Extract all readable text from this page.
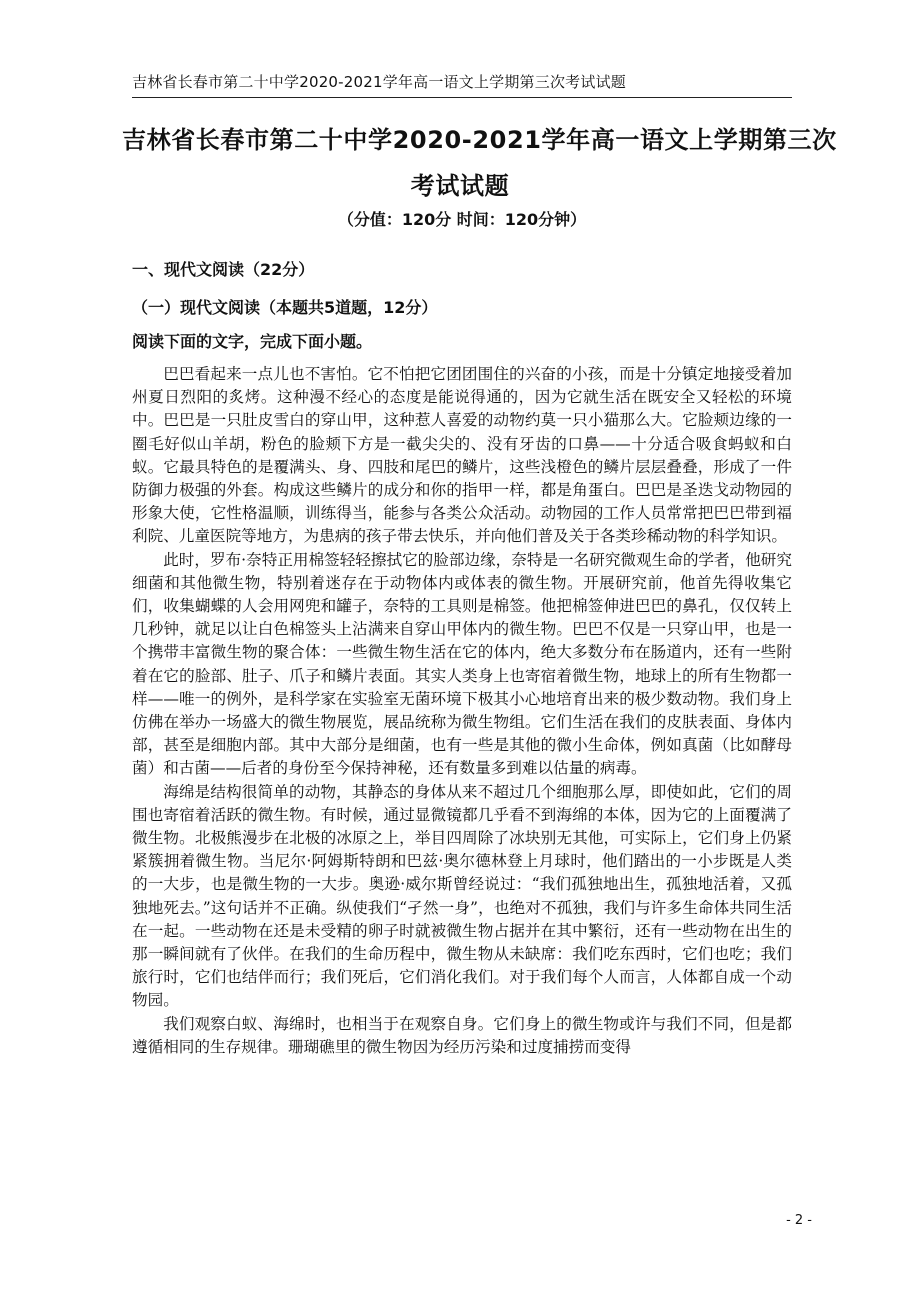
吉林省长春市第二十中学2020-2021学年高一语文上学期第三次考试试题
吉林省长春市第二十中学2020-2021学年高一语文上学期第三次
考试试题
（分值：120分 时间：120分钟）
一、现代文阅读（22分）
（一）现代文阅读（本题共5道题，12分）
阅读下面的文字，完成下面小题。

巴巴看起来一点儿也不害怕。它不怕把它团团围住的兴奋的小孩，而是十分镇定地接受着加州夏日烈阳的炙烤。这种漫不经心的态度是能说得通的，因为它就生活在既安全又轻松的环境中。巴巴是一只肚皮雪白的穿山甲，这种惹人喜爱的动物约莫一只小猫那么大。它脸颊边缘的一圈毛好似山羊胡，粉色的脸颊下方是一截尖尖的、没有牙齿的口鼻——十分适合吸食蚂蚁和白蚁。它最具特色的是覆满头、身、四肢和尾巴的鳞片，这些浅橙色的鳞片层层叠叠，形成了一件防御力极强的外套。构成这些鳞片的成分和你的指甲一样，都是角蛋白。巴巴是圣迭戈动物园的形象大使，它性格温顺，训练得当，能参与各类公众活动。动物园的工作人员常常把巴巴带到福利院、儿童医院等地方，为患病的孩子带去快乐，并向他们普及关于各类珍稀动物的科学知识。

此时，罗布·奈特正用棉签轻轻擦拭它的脸部边缘，奈特是一名研究微观生命的学者，他研究细菌和其他微生物，特别着迷存在于动物体内或体表的微生物。开展研究前，他首先得收集它们，收集蝴蝶的人会用网兜和罐子，奈特的工具则是棉签。他把棉签伸进巴巴的鼻孔，仅仅转上几秒钟，就足以让白色棉签头上沾满来自穿山甲体内的微生物。巴巴不仅是一只穿山甲，也是一个携带丰富微生物的聚合体：一些微生物生活在它的体内，绝大多数分布在肠道内，还有一些附着在它的脸部、肚子、爪子和鳞片表面。其实人类身上也寄宿着微生物，地球上的所有生物都一样——唯一的例外，是科学家在实验室无菌环境下极其小心地培育出来的极少数动物。我们身上仿佛在举办一场盛大的微生物展览，展品统称为微生物组。它们生活在我们的皮肤表面、身体内部，甚至是细胞内部。其中大部分是细菌，也有一些是其他的微小生命体，例如真菌（比如酵母菌）和古菌——后者的身份至今保持神秘，还有数量多到难以估量的病毒。

海绵是结构很简单的动物，其静态的身体从来不超过几个细胞那么厚，即使如此，它们的周围也寄宿着活跃的微生物。有时候，通过显微镜都几乎看不到海绵的本体，因为它的上面覆满了微生物。北极熊漫步在北极的冰原之上，举目四周除了冰块别无其他，可实际上，它们身上仍紧紧簇拥着微生物。当尼尔·阿姆斯特朗和巴兹·奥尔德林登上月球时，他们踏出的一小步既是人类的一大步，也是微生物的一大步。奥逊·威尔斯曾经说过：“我们孤独地出生，孤独地活着，又孤独地死去。”这句话并不正确。纵使我们“孑然一身”，也绝对不孤独，我们与许多生命体共同生活在一起。一些动物在还是未受精的卵子时就被微生物占据并在其中繁衍，还有一些动物在出生的那一瞬间就有了伙伴。在我们的生命历程中，微生物从未缺席：我们吃东西时，它们也吃；我们旅行时，它们也结伴而行；我们死后，它们消化我们。对于我们每个人而言，人体都自成一个动物园。

我们观察白蚁、海绵时，也相当于在观察自身。它们身上的微生物或许与我们不同，但是都遵循相同的生存规律。珊瑚礁里的微生物因为经历污染和过度捕捞而变得

- 2 -
